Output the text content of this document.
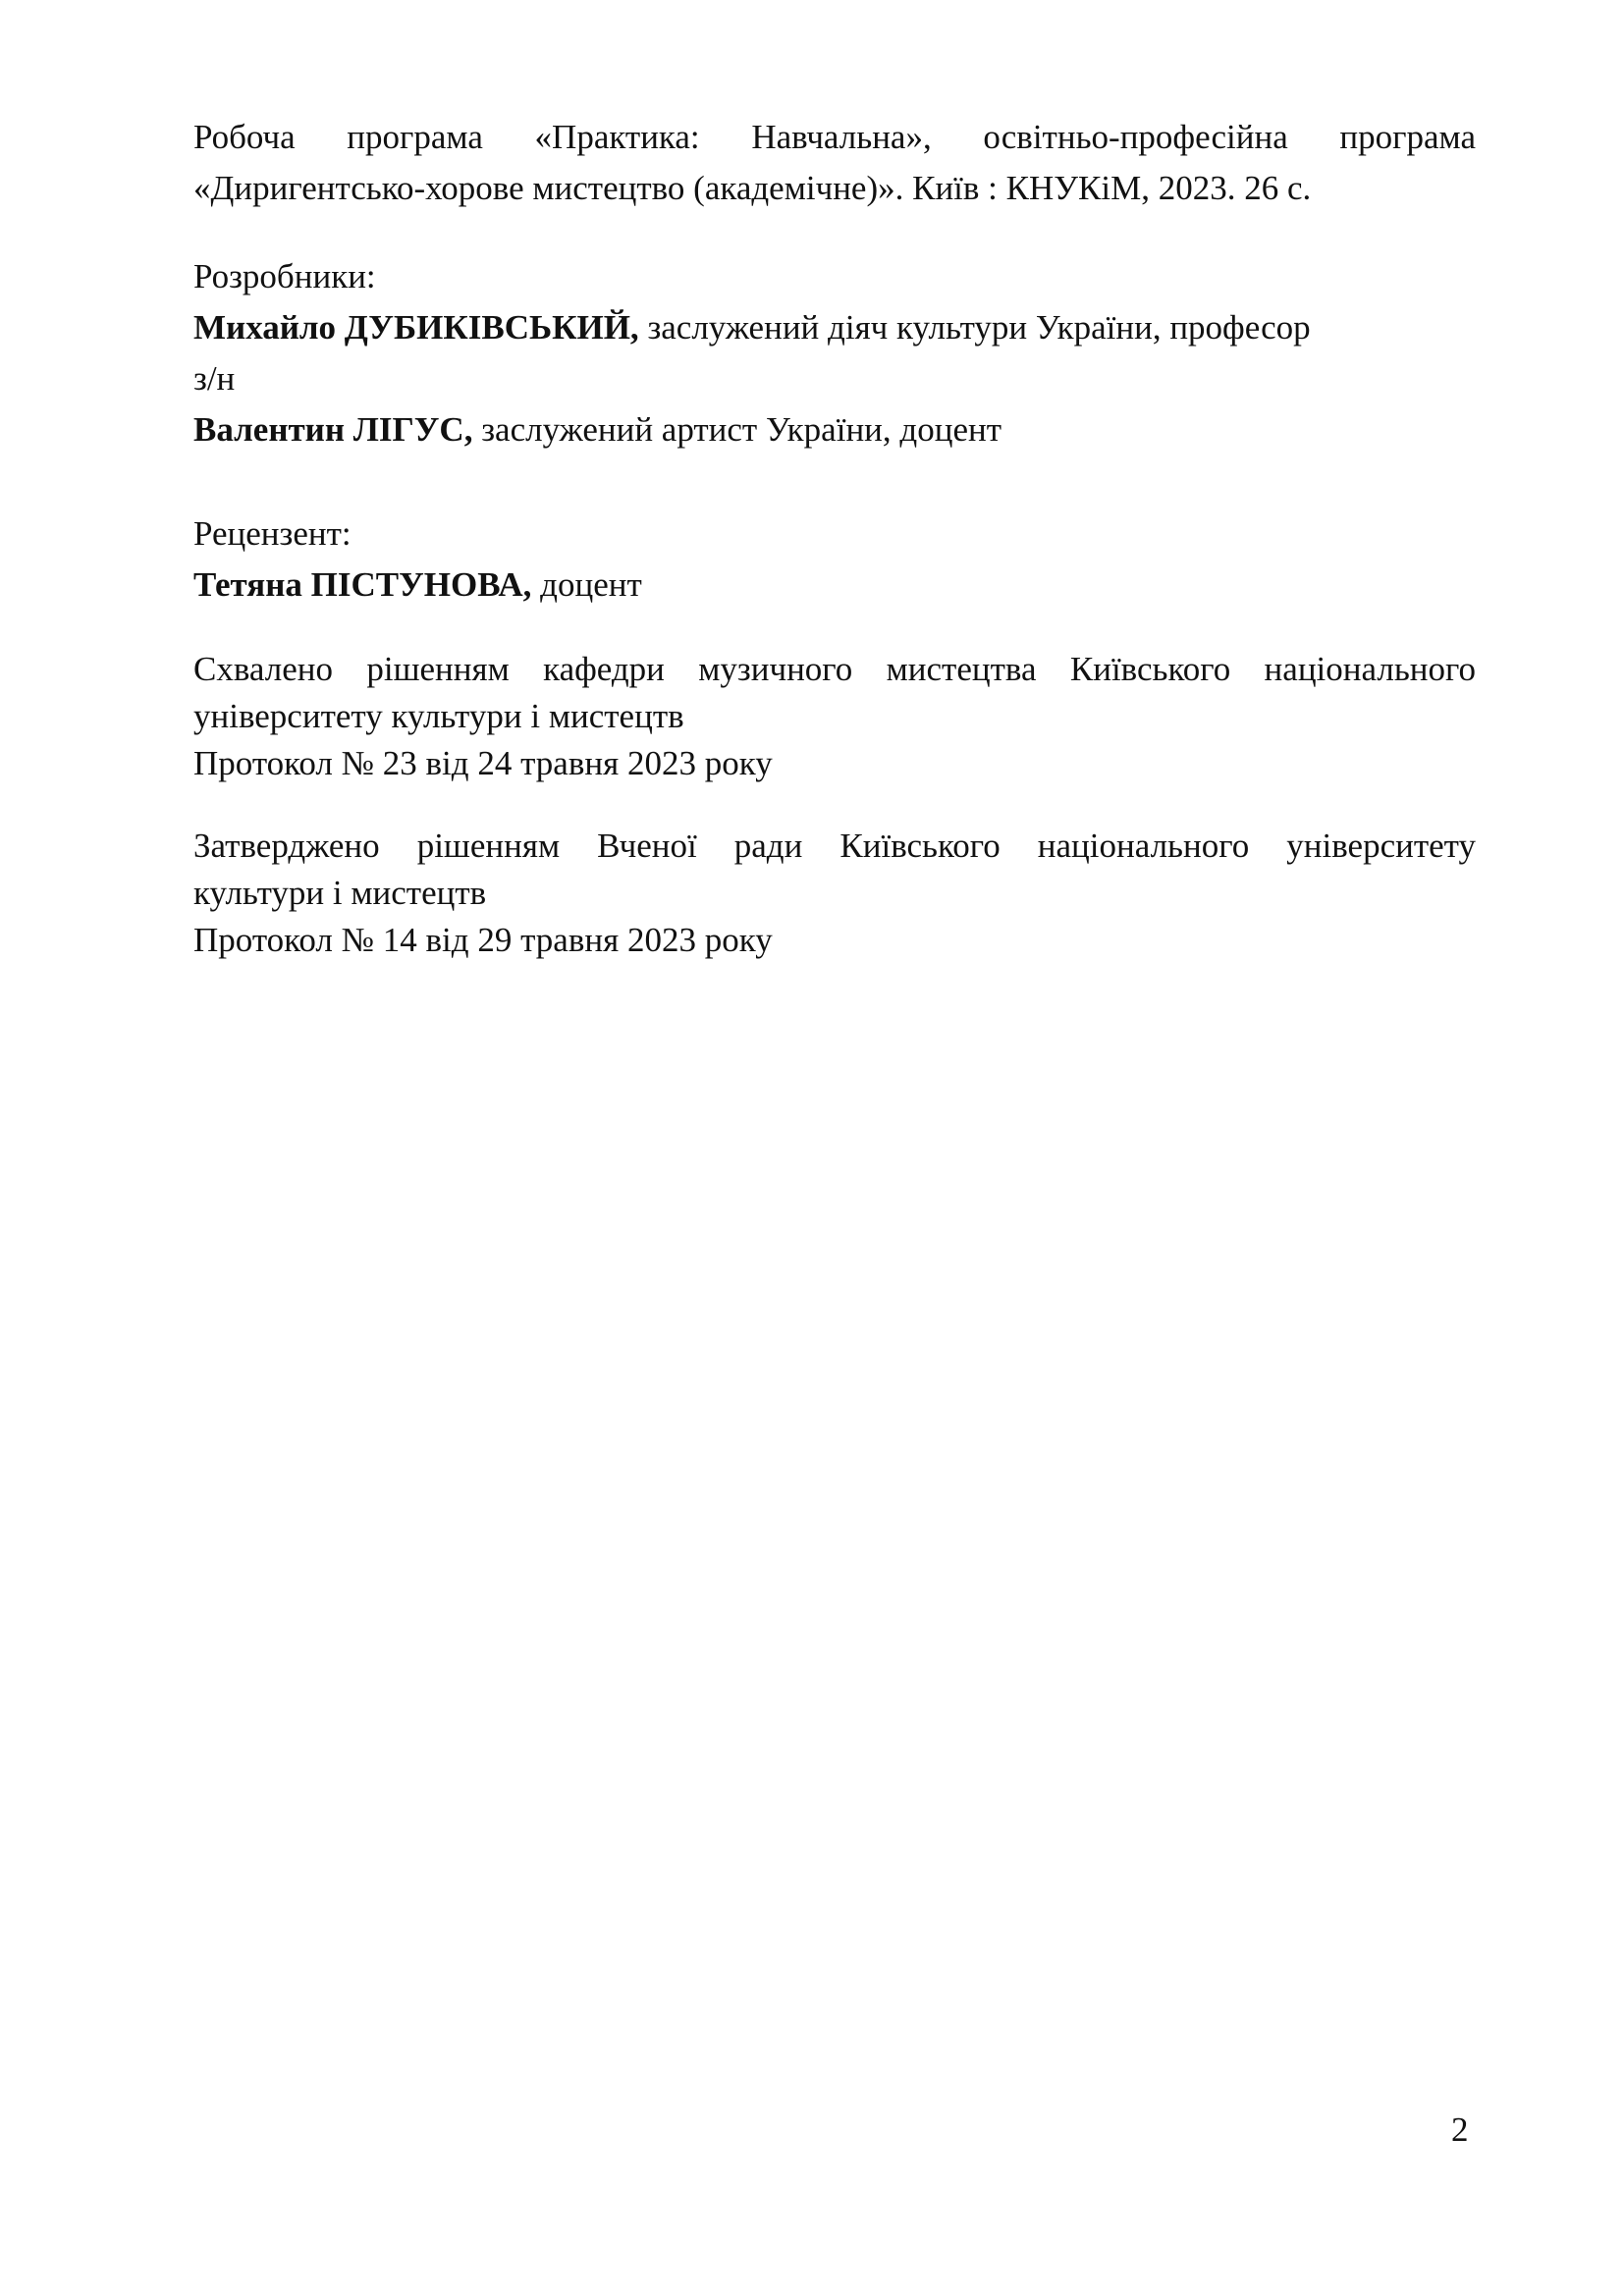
Робоча програма «Практика: Навчальна», освітньо-професійна програма

«Диригентсько-хорове мистецтво (академічне)». Київ : КНУКіМ, 2023. 26 с.

Розробники:

Михайло ДУБИКІВСЬКИЙ, заслужений діяч культури України, професор

з/н

Валентин ЛІГУС, заслужений артист України, доцент

Рецензент:

Тетяна ПІСТУНОВА, доцент

Схвалено рішенням кафедри музичного мистецтва Київського національного

університету культури і мистецтв

Протокол № 23 від 24 травня 2023 року

Затверджено рішенням Вченої ради Київського національного університету

культури і мистецтв

Протокол № 14 від 29 травня 2023 року

2
